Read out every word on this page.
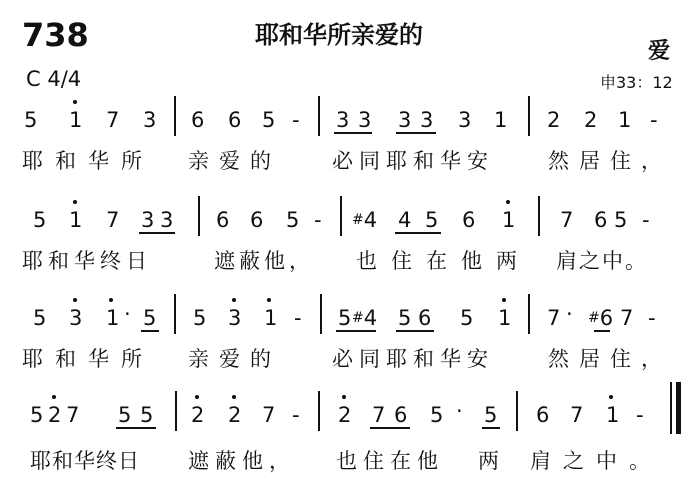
738	耶和华所亲爱的
爱
C 4/4	申33：12
5 1 7 3 6 6 5 - 3 3 3 3 3 1 2 2 1 -
耶和华所 亲爱的 必同耶和华安	然居住，
5 1 7 3 3 6 6 5 - #4 4 5 6 1 7 6 5 -
耶和华终日	遮蔽他， 也住在他两 肩之中。
5 3 1 · 5 5 3 1 - 5 #4 5 6 5 1 7 · #6 7 -
耶和华所 亲爱的 必同耶和华安	然居住，
5 2 7 5 5 2 2 7 - 2 7 6 5 · 5 6 7 1 -
耶和华终日 遮蔽他， 也住在他 两 肩之中。
